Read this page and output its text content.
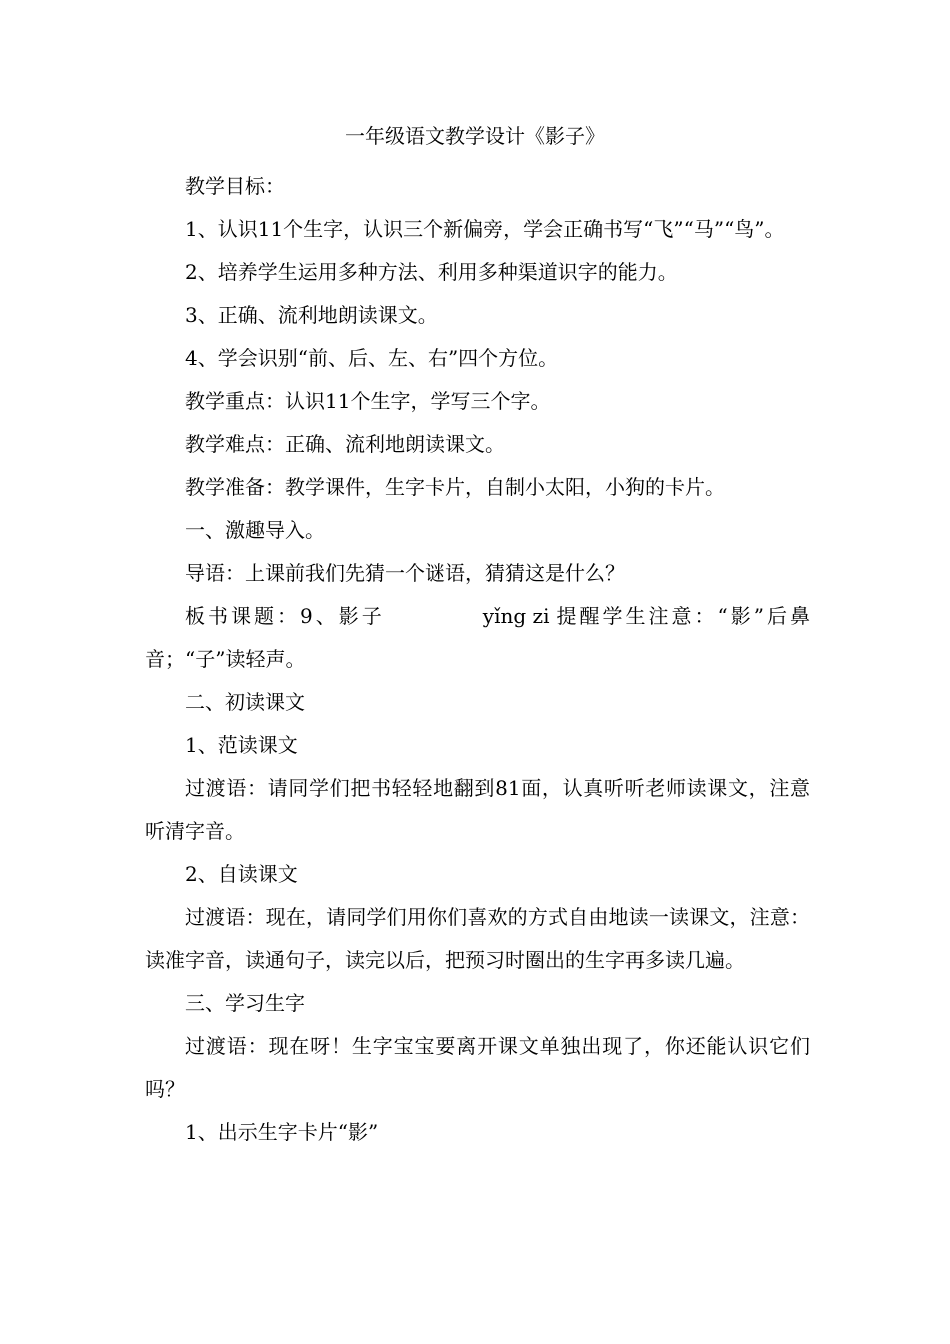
一年级语文教学设计《影子》

教学目标：

1、认识11个生字，认识三个新偏旁，学会正确书写“飞”“马”“鸟”。

2、培养学生运用多种方法、利用多种渠道识字的能力。

3、正确、流利地朗读课文。

4、学会识别“前、后、左、右”四个方位。

教学重点：认识11个生字，学写三个字。

教学难点：正确、流利地朗读课文。

教学准备：教学课件，生字卡片，自制小太阳，小狗的卡片。

一、激趣导入。

导语：上课前我们先猜一个谜语，猜猜这是什么？

板书课题：9、影子	yǐng zi 提醒学生注意：“影”后鼻音；“子”读轻声。

二、初读课文

1、范读课文

过渡语：请同学们把书轻轻地翻到81面，认真听听老师读课文，注意听清字音。

2、自读课文

过渡语：现在，请同学们用你们喜欢的方式自由地读一读课文，注意：读准字音，读通句子，读完以后，把预习时圈出的生字再多读几遍。

三、学习生字

过渡语：现在呀！生字宝宝要离开课文单独出现了，你还能认识它们吗？

1、出示生字卡片“影”
